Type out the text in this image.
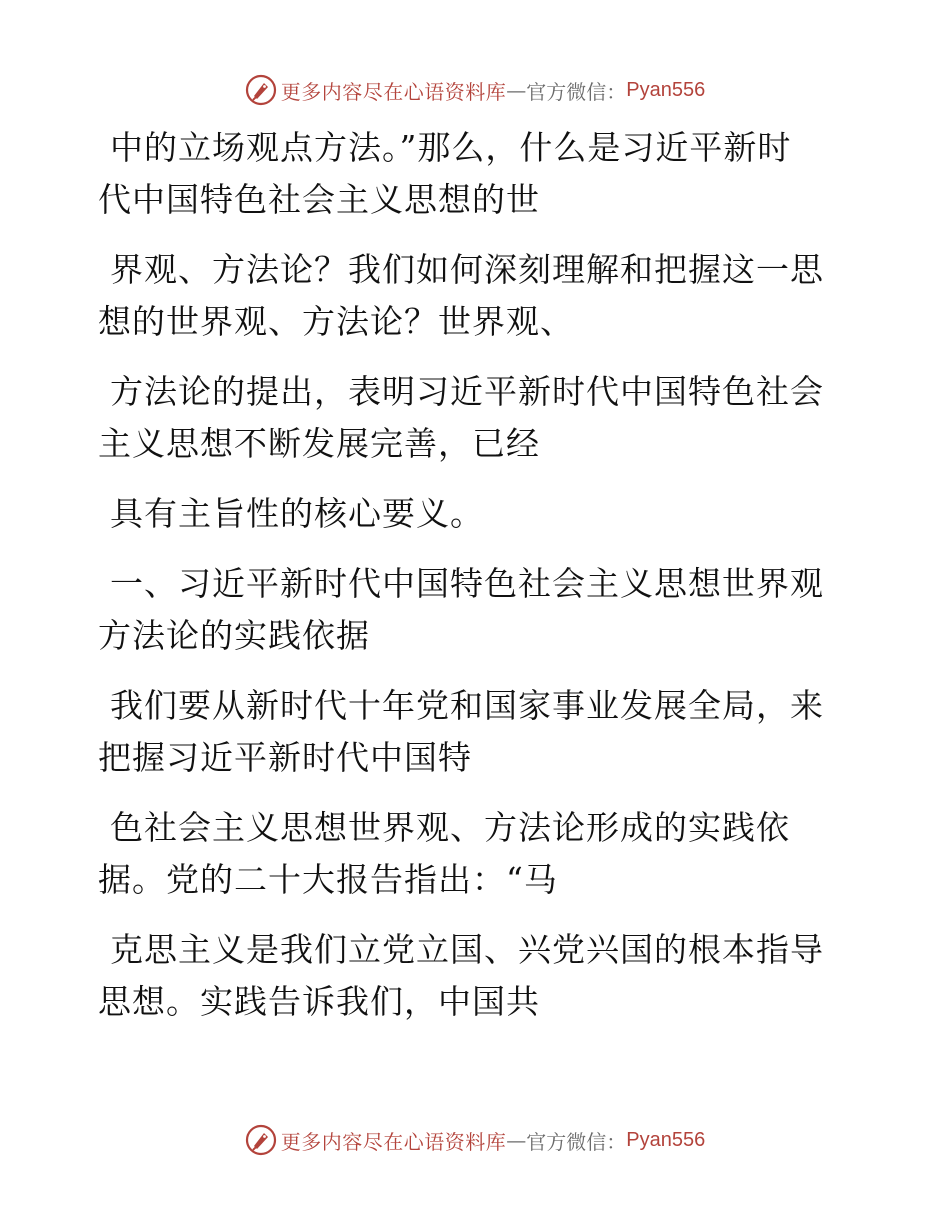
更多内容尽在心语资料库 — 官方微信： Pyan556

中的立场观点方法。”那么，什么是习近平新时
代中国特色社会主义思想的世

界观、方法论？我们如何深刻理解和把握这一思
想的世界观、方法论？世界观、

方法论的提出，表明习近平新时代中国特色社会
主义思想不断发展完善，已经

具有主旨性的核心要义。

一、习近平新时代中国特色社会主义思想世界观
方法论的实践依据

我们要从新时代十年党和国家事业发展全局，来
把握习近平新时代中国特

色社会主义思想世界观、方法论形成的实践依
据。党的二十大报告指出：“马

克思主义是我们立党立国、兴党兴国的根本指导
思想。实践告诉我们，中国共

更多内容尽在心语资料库 — 官方微信： Pyan556
